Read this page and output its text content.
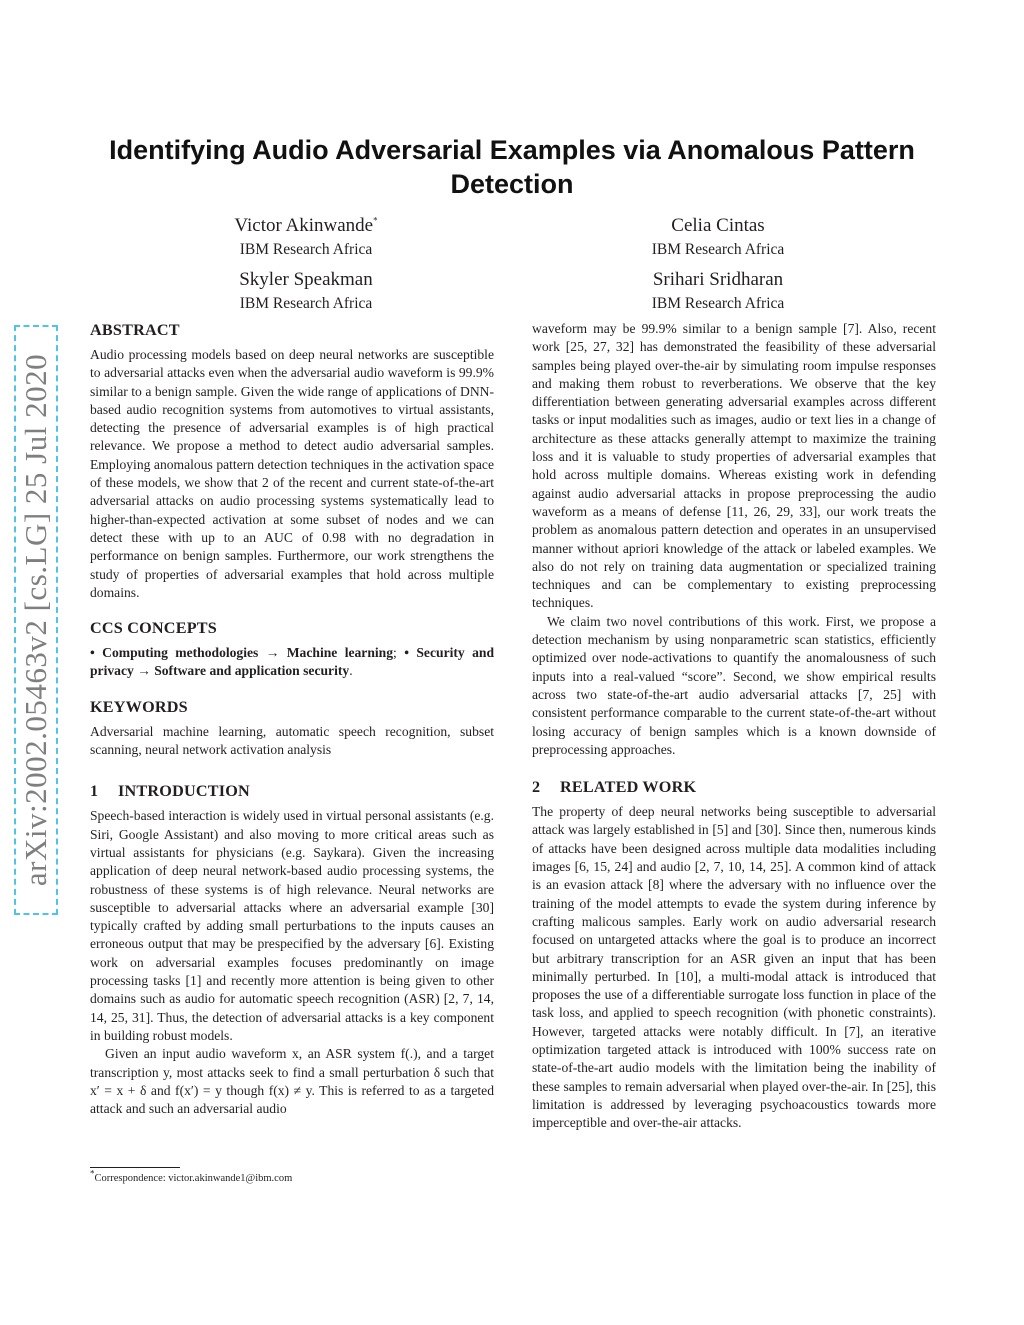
arXiv:2002.05463v2 [cs.LG] 25 Jul 2020
Identifying Audio Adversarial Examples via Anomalous Pattern Detection
Victor Akinwande*
IBM Research Africa
Celia Cintas
IBM Research Africa
Skyler Speakman
IBM Research Africa
Srihari Sridharan
IBM Research Africa
ABSTRACT

Audio processing models based on deep neural networks are susceptible to adversarial attacks even when the adversarial audio waveform is 99.9% similar to a benign sample. Given the wide range of applications of DNN-based audio recognition systems from automotives to virtual assistants, detecting the presence of adversarial examples is of high practical relevance. We propose a method to detect audio adversarial samples. Employing anomalous pattern detection techniques in the activation space of these models, we show that 2 of the recent and current state-of-the-art adversarial attacks on audio processing systems systematically lead to higher-than-expected activation at some subset of nodes and we can detect these with up to an AUC of 0.98 with no degradation in performance on benign samples. Furthermore, our work strengthens the study of properties of adversarial examples that hold across multiple domains.

CCS CONCEPTS

• Computing methodologies → Machine learning; • Security and privacy → Software and application security.

KEYWORDS

Adversarial machine learning, automatic speech recognition, subset scanning, neural network activation analysis

1 INTRODUCTION

Speech-based interaction is widely used in virtual personal assistants (e.g. Siri, Google Assistant) and also moving to more critical areas such as virtual assistants for physicians (e.g. Saykara). Given the increasing application of deep neural network-based audio processing systems, the robustness of these systems is of high relevance. Neural networks are susceptible to adversarial attacks where an adversarial example [30] typically crafted by adding small perturbations to the inputs causes an erroneous output that may be prespecified by the adversary [6]. Existing work on adversarial examples focuses predominantly on image processing tasks [1] and recently more attention is being given to other domains such as audio for automatic speech recognition (ASR) [2, 7, 14, 14, 25, 31]. Thus, the detection of adversarial attacks is a key component in building robust models.

Given an input audio waveform x, an ASR system f(.), and a target transcription y, most attacks seek to find a small perturbation δ such that x′ = x + δ and f(x′) = y though f(x) ≠ y. This is referred to as a targeted attack and such an adversarial audio

waveform may be 99.9% similar to a benign sample [7]. Also, recent work [25, 27, 32] has demonstrated the feasibility of these adversarial samples being played over-the-air by simulating room impulse responses and making them robust to reverberations. We observe that the key differentiation between generating adversarial examples across different tasks or input modalities such as images, audio or text lies in a change of architecture as these attacks generally attempt to maximize the training loss and it is valuable to study properties of adversarial examples that hold across multiple domains. Whereas existing work in defending against audio adversarial attacks in propose preprocessing the audio waveform as a means of defense [11, 26, 29, 33], our work treats the problem as anomalous pattern detection and operates in an unsupervised manner without apriori knowledge of the attack or labeled examples. We also do not rely on training data augmentation or specialized training techniques and can be complementary to existing preprocessing techniques.

We claim two novel contributions of this work. First, we propose a detection mechanism by using nonparametric scan statistics, efficiently optimized over node-activations to quantify the anomalousness of such inputs into a real-valued “score”. Second, we show empirical results across two state-of-the-art audio adversarial attacks [7, 25] with consistent performance comparable to the current state-of-the-art without losing accuracy of benign samples which is a known downside of preprocessing approaches.

2 RELATED WORK

The property of deep neural networks being susceptible to adversarial attack was largely established in [5] and [30]. Since then, numerous kinds of attacks have been designed across multiple data modalities including images [6, 15, 24] and audio [2, 7, 10, 14, 25]. A common kind of attack is an evasion attack [8] where the adversary with no influence over the training of the model attempts to evade the system during inference by crafting malicous samples. Early work on audio adversarial research focused on untargeted attacks where the goal is to produce an incorrect but arbitrary transcription for an ASR given an input that has been minimally perturbed. In [10], a multi-modal attack is introduced that proposes the use of a differentiable surrogate loss function in place of the task loss, and applied to speech recognition (with phonetic constraints). However, targeted attacks were notably difficult. In [7], an iterative optimization targeted attack is introduced with 100% success rate on state-of-the-art audio models with the limitation being the inability of these samples to remain adversarial when played over-the-air. In [25], this limitation is addressed by leveraging psychoacoustics towards more imperceptible and over-the-air attacks.

*Correspondence: victor.akinwande1@ibm.com
